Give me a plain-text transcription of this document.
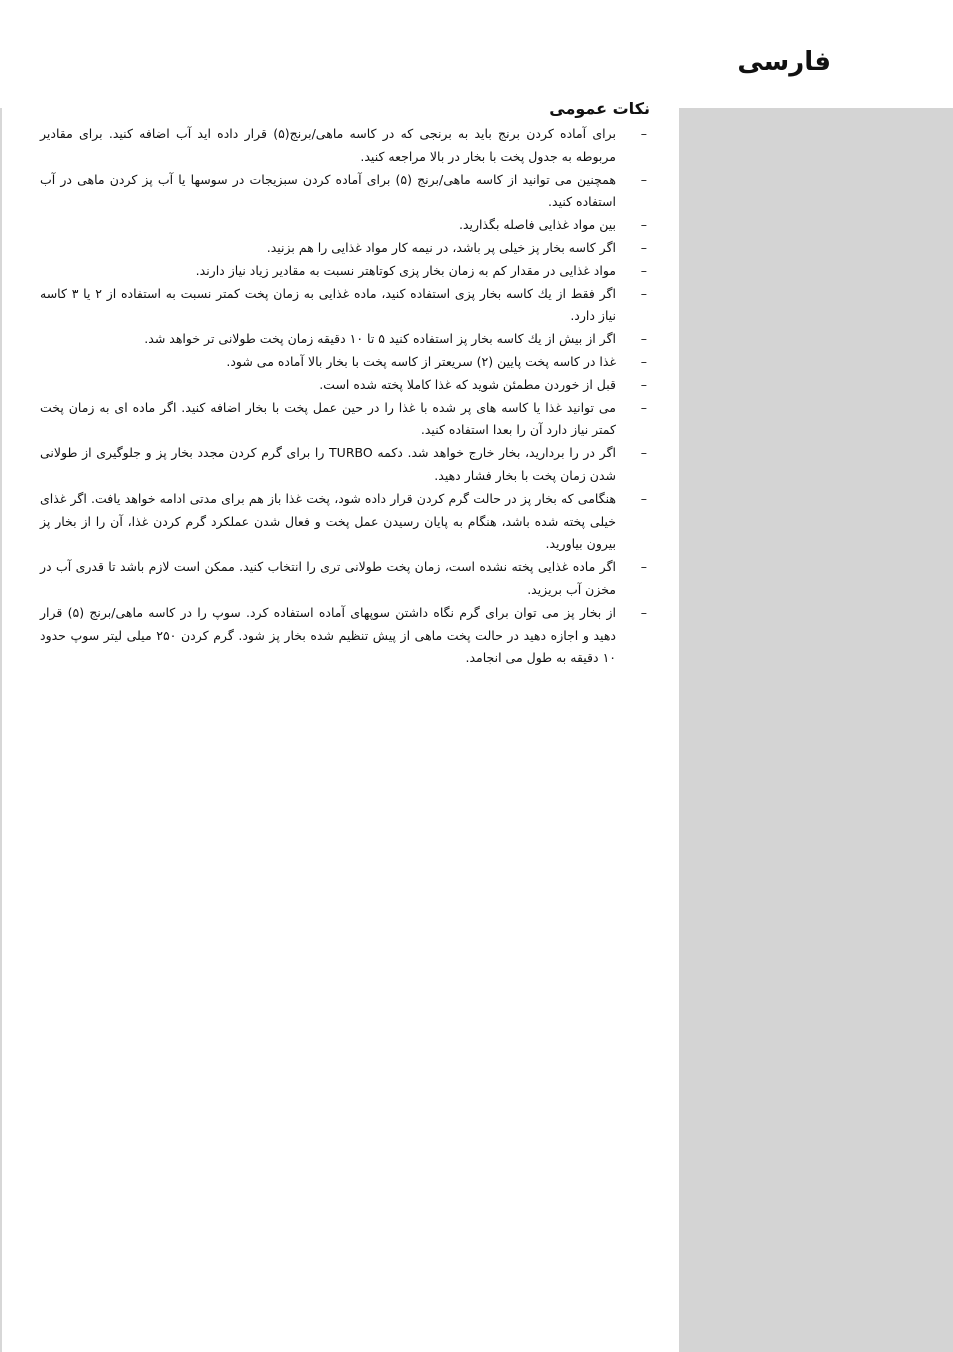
فارسی
نكات عمومی
–
برای آماده كردن برنج باید به برنجی كه در كاسه ماهی/برنج(۵) قرار داده اید آب اضافه كنید. برای مقادیر مربوطه به جدول پخت با بخار در بالا مراجعه كنید.
–
همچنین می توانید از كاسه ماهی/برنج (۵) برای آماده كردن سبزیجات در سوسها یا آب پز كردن ماهی در آب استفاده كنید.
–
بین مواد غذایی فاصله بگذارید.
–
اگر كاسه بخار پز خیلی پر باشد، در نیمه كار مواد غذایی را هم بزنید.
–
مواد غذایی در مقدار كم به زمان بخار پزی كوتاهتر نسبت به مقادیر زیاد نیاز دارند.
–
اگر فقط از یك كاسه بخار پزی استفاده كنید، ماده غذایی به زمان پخت كمتر نسبت به استفاده از ۲ یا ۳ كاسه نیاز دارد.
–
اگر از بیش از یك كاسه بخار پز استفاده كنید ۵ تا ۱۰ دقیقه زمان پخت طولانی تر خواهد شد.
–
غذا در كاسه پخت پایین (۲) سریعتر از كاسه پخت با بخار بالا آماده می شود.
–
قبل از خوردن مطمئن شوید كه غذا كاملا پخته شده است.
–
می توانید غذا یا كاسه های پر شده با غذا را در حین عمل پخت با بخار اضافه كنید. اگر ماده ای به زمان پخت كمتر نیاز دارد آن را بعدا استفاده كنید.
–
اگر در را بردارید، بخار خارج خواهد شد. دكمه TURBO را برای گرم كردن مجدد بخار پز و جلوگیری از طولانی شدن زمان پخت با بخار فشار دهید.
–
هنگامی كه بخار پز در حالت گرم كردن قرار داده شود، پخت غذا باز هم برای مدتی ادامه خواهد یافت. اگر غذای خیلی پخته شده باشد، هنگام به پایان رسیدن عمل پخت و فعال شدن عملكرد گرم كردن غذا، آن را از بخار پز بیرون بیاورید.
–
اگر ماده غذایی پخته نشده است، زمان پخت طولانی تری را انتخاب كنید. ممكن است لازم باشد تا قدری آب در مخزن آب بریزید.
–
از بخار پز می توان برای گرم نگاه داشتن سوپهای آماده استفاده كرد. سوپ را در كاسه ماهی/برنج (۵) قرار دهید و اجازه دهید در حالت پخت ماهی از پیش تنظیم شده بخار پز شود. گرم كردن ۲۵۰ میلی لیتر سوپ حدود ۱۰ دقیقه به طول می انجامد.
